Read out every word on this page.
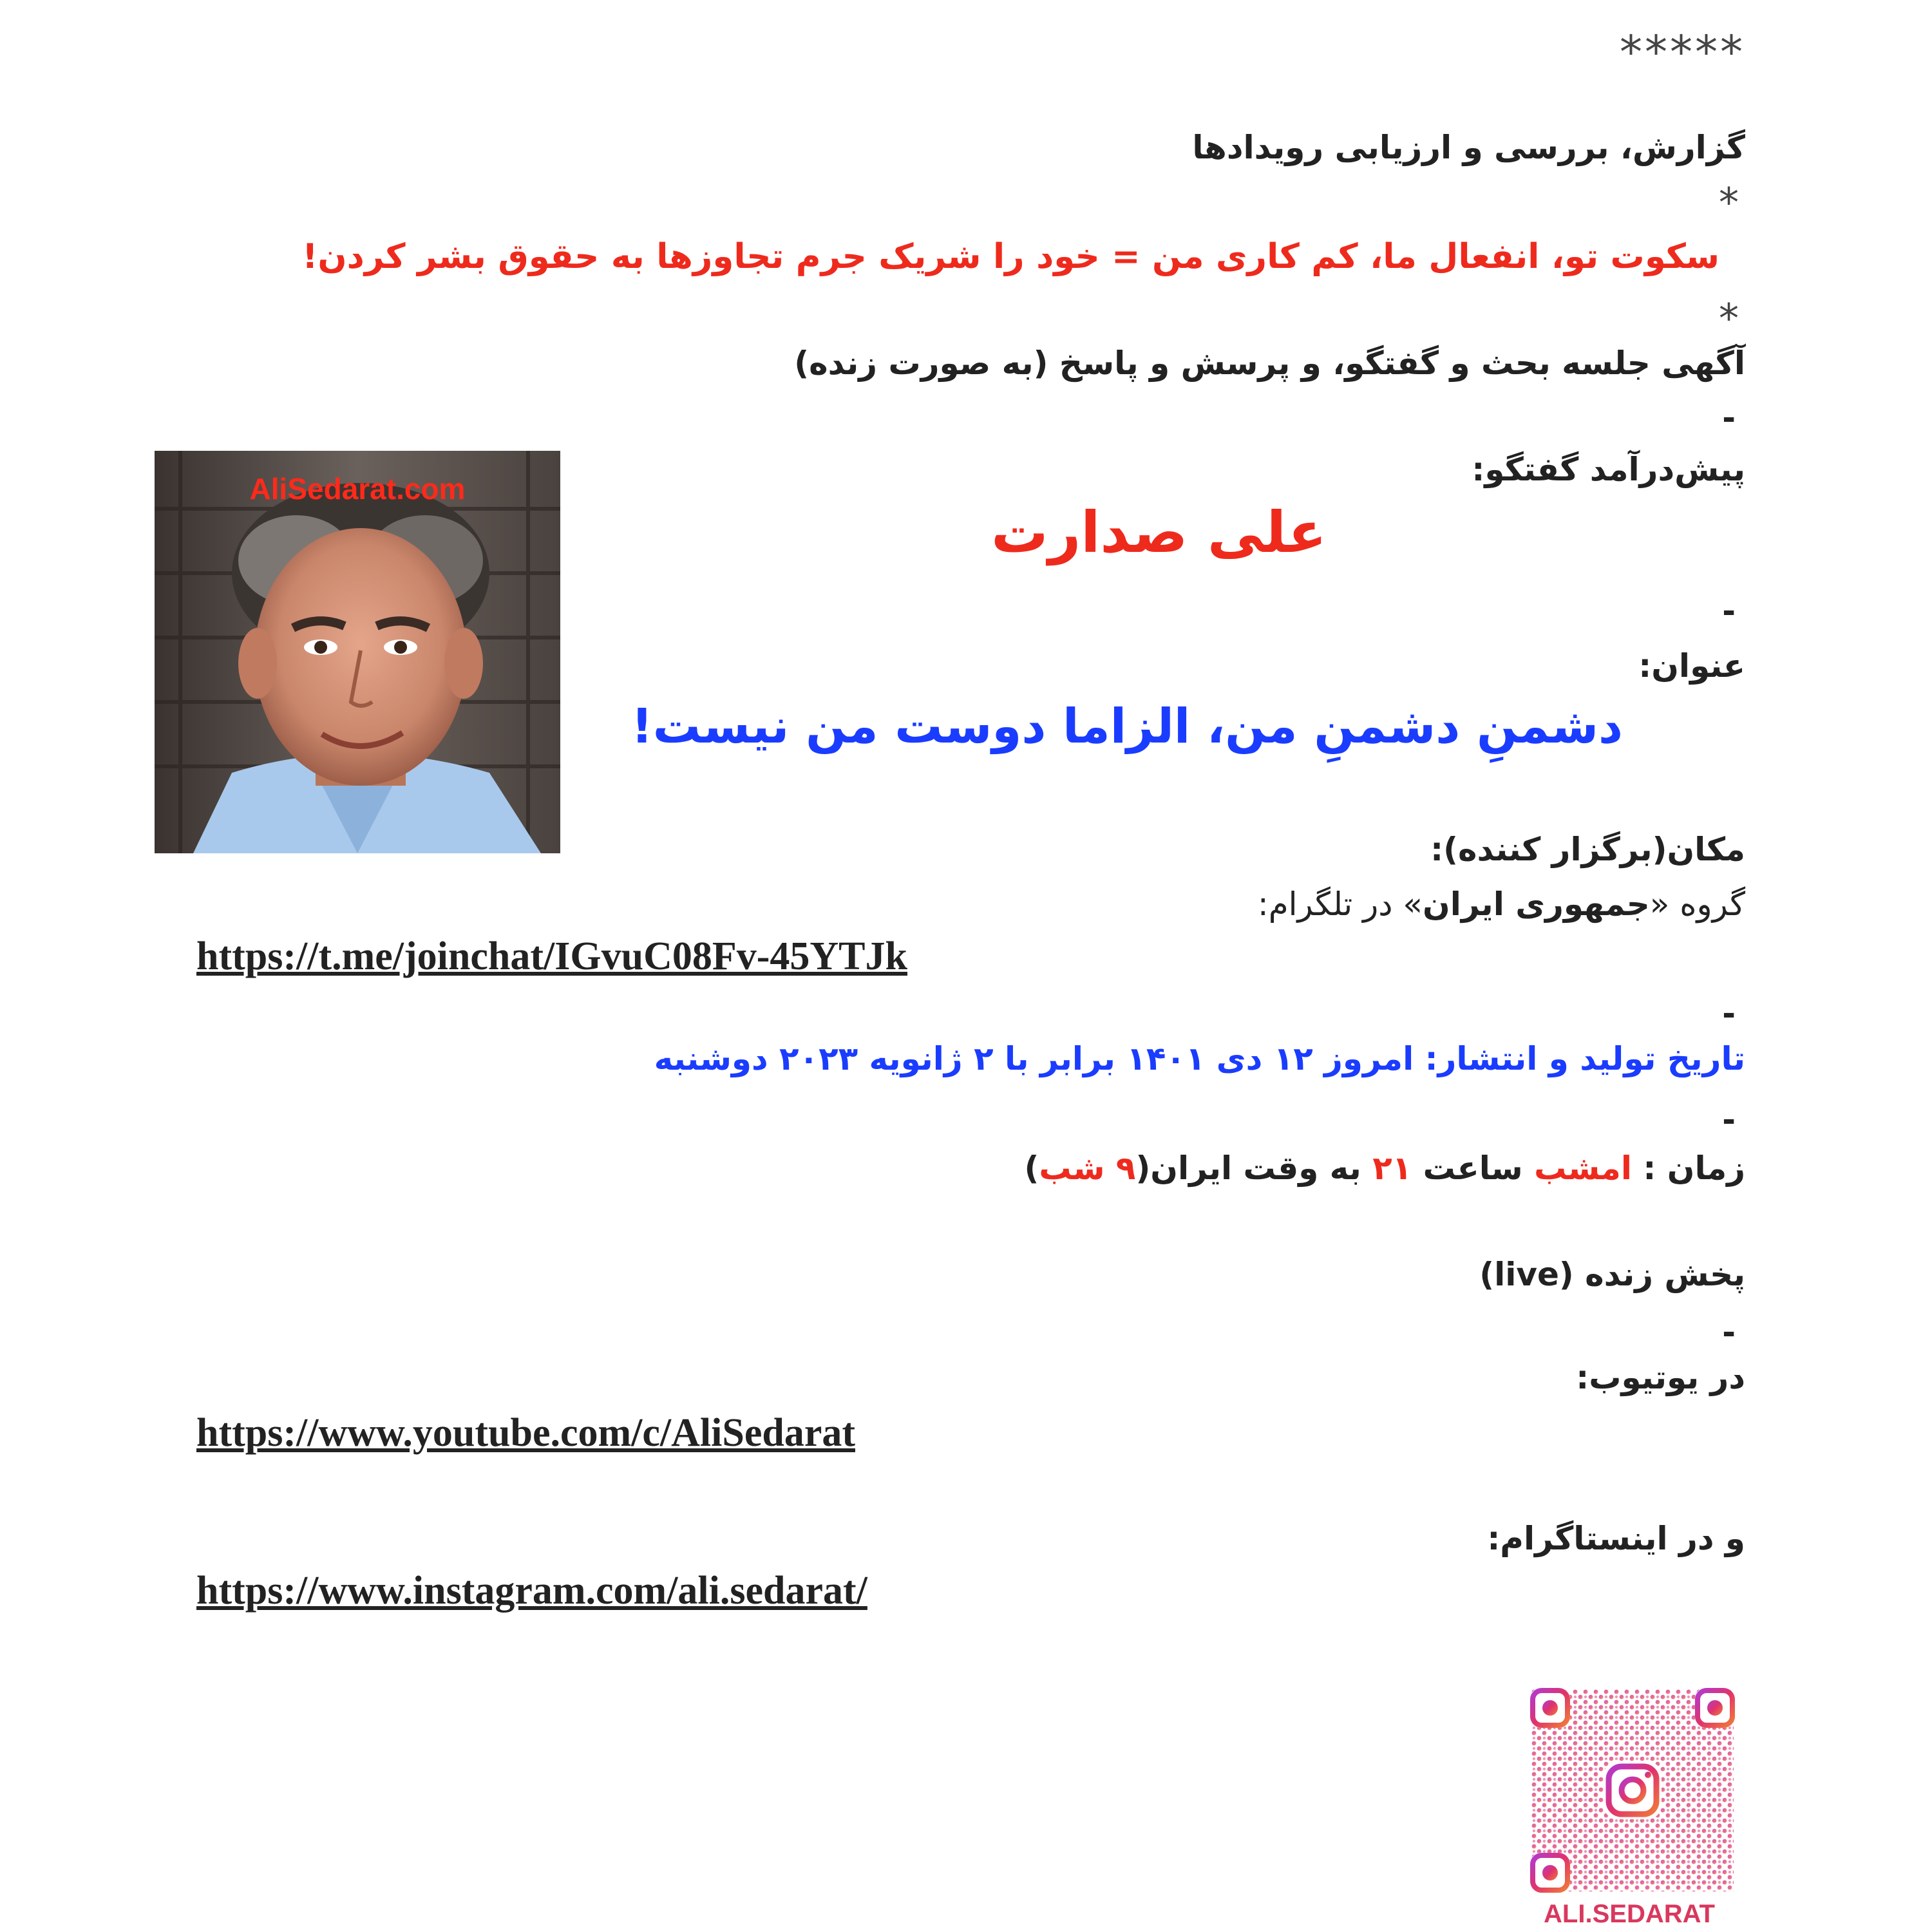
*****
گزارش، بررسی و ارزیابی رویدادها
*
سکوت تو، انفعال ما، کم کاری من = خود را شریک جرم تجاوزها به حقوق بشر کردن!
*
آگهی جلسه بحث و گفتگو، و پرسش و پاسخ (به صورت زنده)
-
پیش‌درآمد گفتگو:
علی صدارت
-
عنوان:
دشمنِ دشمنِ من، الزاما دوست من نیست!
مکان(برگزار کننده):
گروه «جمهوری ایران» در تلگرام:
https://t.me/joinchat/IGvuC08Fv-45YTJk
-
تاریخ تولید و انتشار: امروز ۱۲ دی ۱۴۰۱ برابر با ۲ ژانویه ۲۰۲۳ دوشنبه
-
زمان : امشب ساعت ۲۱ به وقت ایران(۹ شب)
پخش زنده (live)
-
در یوتیوب:
https://www.youtube.com/c/AliSedarat
و در اینستاگرام:
https://www.instagram.com/ali.sedarat/
AliSedarat.com
ALI.SEDARAT
